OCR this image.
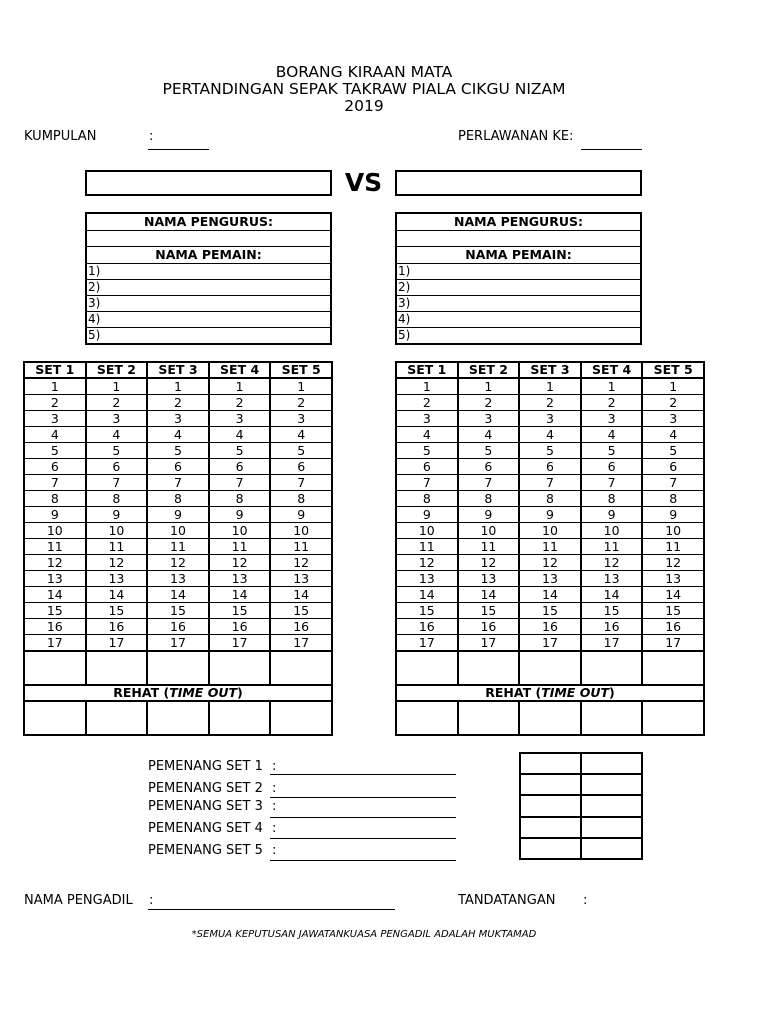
BORANG KIRAAN MATA
PERTANDINGAN SEPAK TAKRAW PIALA CIKGU NIZAM
2019
KUMPULAN	:	PERLAWANAN KE:
VS
NAMA PENGURUS:
NAMA PEMAIN:
1)
2)
3)
4)
5)
NAMA PENGURUS:
NAMA PEMAIN:
1)
2)
3)
4)
5)
SET 1	SET 2	SET 3	SET 4	SET 5
1	1	1	1	1
2	2	2	2	2
3	3	3	3	3
4	4	4	4	4
5	5	5	5	5
6	6	6	6	6
7	7	7	7	7
8	8	8	8	8
9	9	9	9	9
10	10	10	10	10
11	11	11	11	11
12	12	12	12	12
13	13	13	13	13
14	14	14	14	14
15	15	15	15	15
16	16	16	16	16
17	17	17	17	17
REHAT (TIME OUT)
SET 1	SET 2	SET 3	SET 4	SET 5
1	1	1	1	1
2	2	2	2	2
3	3	3	3	3
4	4	4	4	4
5	5	5	5	5
6	6	6	6	6
7	7	7	7	7
8	8	8	8	8
9	9	9	9	9
10	10	10	10	10
11	11	11	11	11
12	12	12	12	12
13	13	13	13	13
14	14	14	14	14
15	15	15	15	15
16	16	16	16	16
17	17	17	17	17
REHAT (TIME OUT)
PEMENANG SET 1 :
PEMENANG SET 2 :
PEMENANG SET 3 :
PEMENANG SET 4 :
PEMENANG SET 5 :
NAMA PENGADIL :	TANDATANGAN :
*SEMUA KEPUTUSAN JAWATANKUASA PENGADIL ADALAH MUKTAMAD
